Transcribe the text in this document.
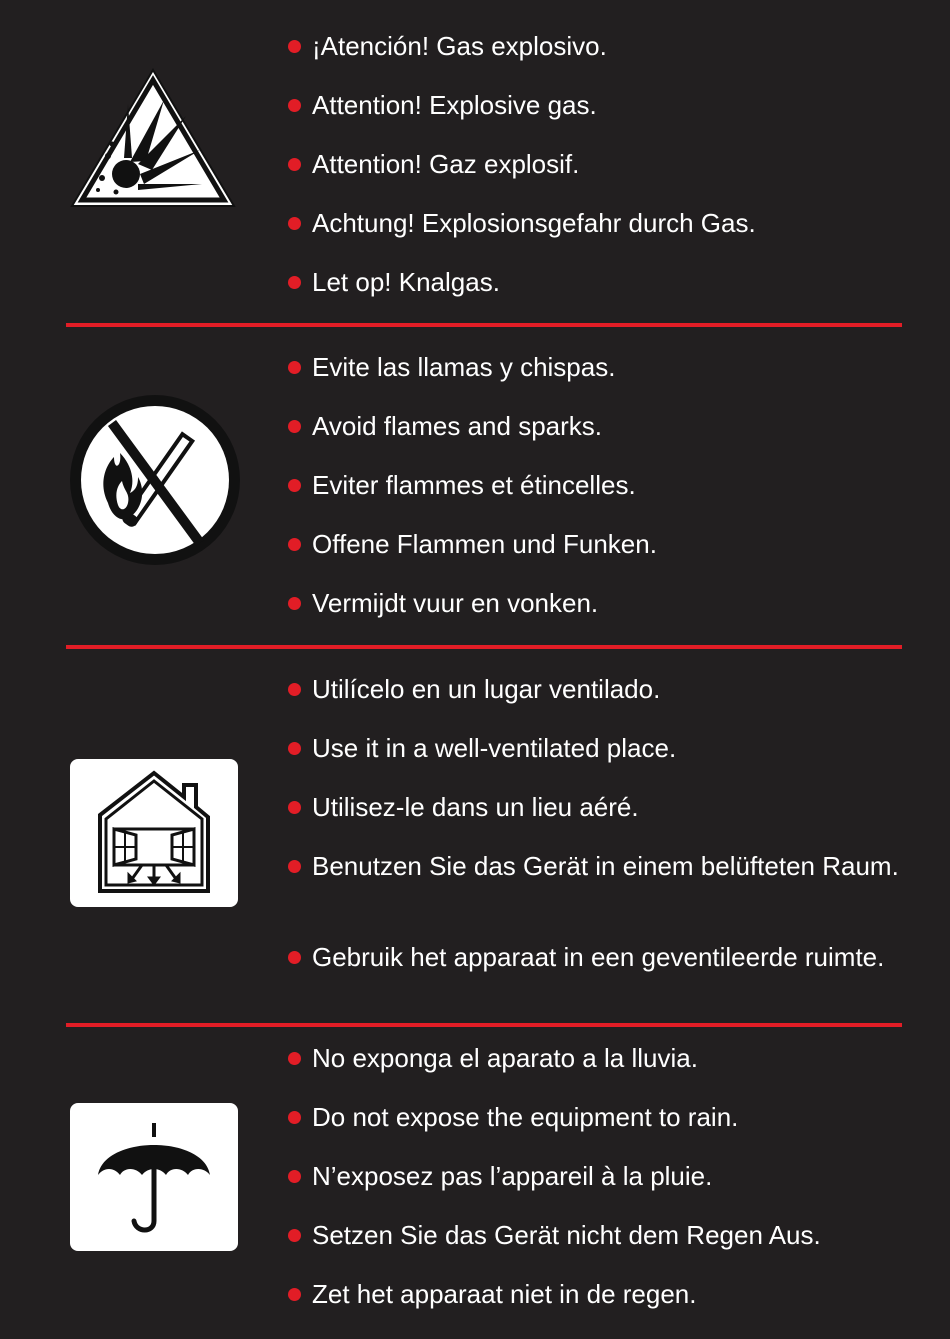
¡Atención! Gas explosivo.
Attention! Explosive gas.
Attention! Gaz explosif.
Achtung! Explosionsgefahr durch Gas.
Let op! Knalgas.
Evite las llamas y chispas.
Avoid flames and sparks.
Eviter flammes et étincelles.
Offene Flammen und Funken.
Vermijdt vuur en vonken.
Utilícelo en un lugar ventilado.
Use it in a well-ventilated place.
Utilisez-le dans un lieu aéré.
Benutzen Sie das Gerät in einem belüfteten Raum.
Gebruik het apparaat in een geventileerde ruimte.
No exponga el aparato a la lluvia.
Do not expose the equipment to rain.
N’exposez pas l’appareil à la pluie.
Setzen Sie das Gerät nicht dem Regen Aus.
Zet het apparaat niet in de regen.
